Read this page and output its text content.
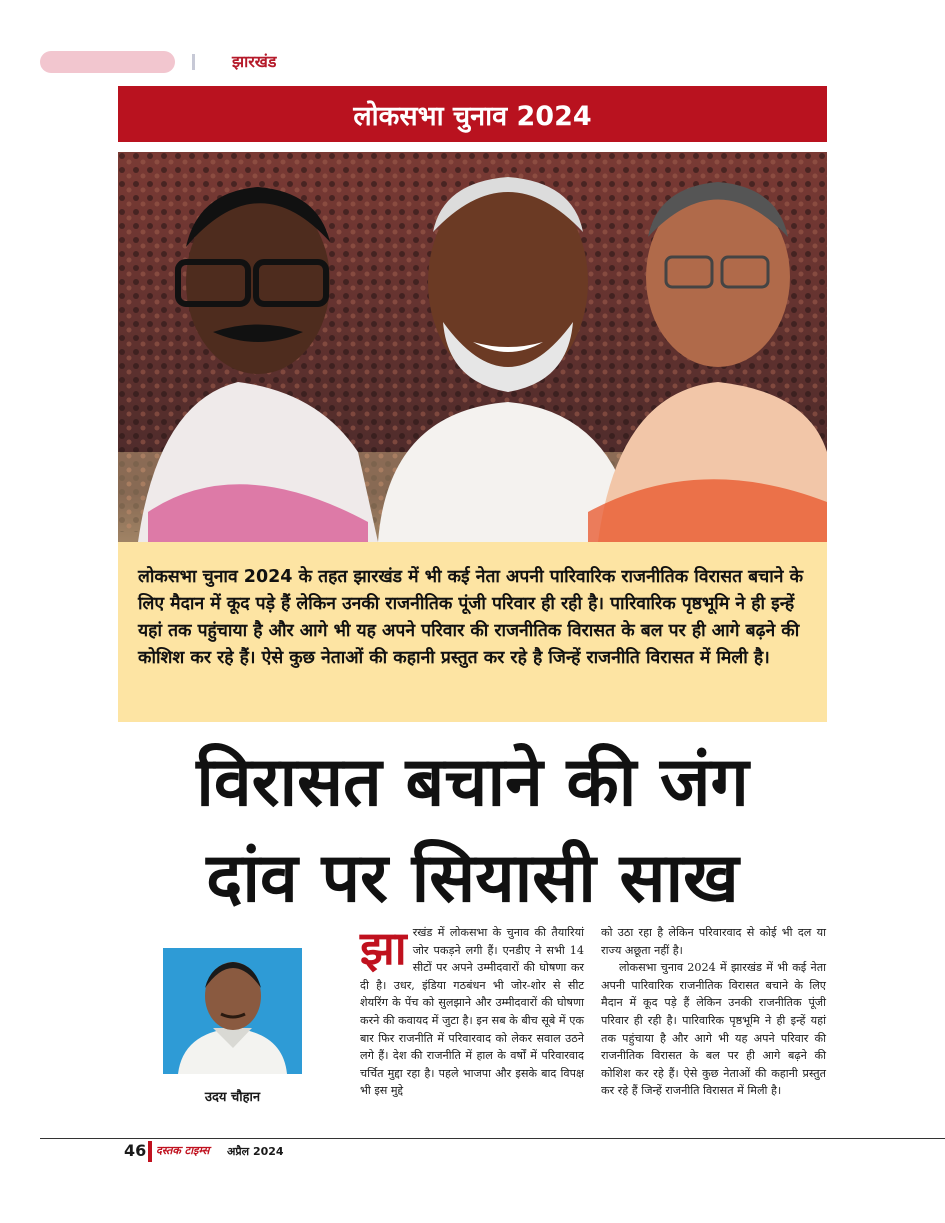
झारखंड
लोकसभा चुनाव 2024
लोकसभा चुनाव 2024 के तहत झारखंड में भी कई नेता अपनी पारिवारिक राजनीतिक विरासत बचाने के लिए मैदान में कूद पड़े हैं लेकिन उनकी राजनीतिक पूंजी परिवार ही रही है। पारिवारिक पृष्ठभूमि ने ही इन्हें यहां तक पहुंचाया है और आगे भी यह अपने परिवार की राजनीतिक विरासत के बल पर ही आगे बढ़ने की कोशिश कर रहे हैं। ऐसे कुछ नेताओं की कहानी प्रस्तुत कर रहे है जिन्हें राजनीति विरासत में मिली है।
विरासत बचाने की जंग
दांव पर सियासी साख
उदय चौहान
झा रखंड में लोकसभा के चुनाव की तैयारियां जोर पकड़ने लगी हैं। एनडीए ने सभी 14 सीटों पर अपने उम्मीदवारों की घोषणा कर दी है। उधर, इंडिया गठबंधन भी जोर-शोर से सीट शेयरिंग के पेंच को सुलझाने और उम्मीदवारों की घोषणा करने की कवायद में जुटा है। इन सब के बीच सूबे में एक बार फिर राजनीति में परिवारवाद को लेकर सवाल उठने लगे हैं। देश की राजनीति में हाल के वर्षों में परिवारवाद चर्चित मुद्दा रहा है। पहले भाजपा और इसके बाद विपक्ष भी इस मुद्दे

को उठा रहा है लेकिन परिवारवाद से कोई भी दल या राज्य अछूता नहीं है।

लोकसभा चुनाव 2024 में झारखंड में भी कई नेता अपनी पारिवारिक राजनीतिक विरासत बचाने के लिए मैदान में कूद पड़े हैं लेकिन उनकी राजनीतिक पूंजी परिवार ही रही है। पारिवारिक पृष्ठभूमि ने ही इन्हें यहां तक पहुंचाया है और आगे भी यह अपने परिवार की राजनीतिक विरासत के बल पर ही आगे बढ़ने की कोशिश कर रहे हैं। ऐसे कुछ नेताओं की कहानी प्रस्तुत कर रहे हैं जिन्हें राजनीति विरासत में मिली है।

46 दस्तक टाइम्स अप्रैल 2024
